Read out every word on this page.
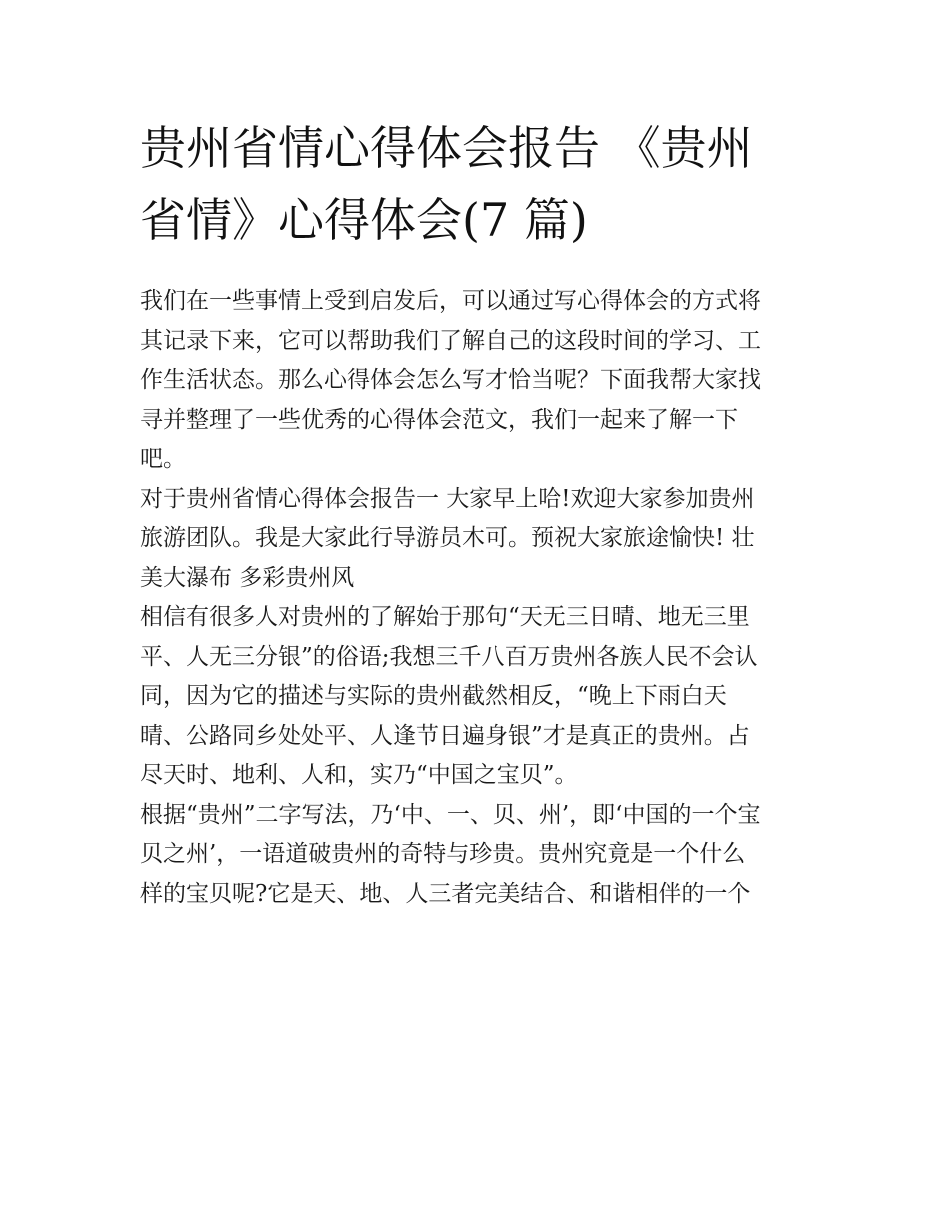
贵州省情心得体会报告 《贵州
省情》心得体会(7 篇)
我们在一些事情上受到启发后，可以通过写心得体会的方式将
其记录下来，它可以帮助我们了解自己的这段时间的学习、工
作生活状态。那么心得体会怎么写才恰当呢？下面我帮大家找
寻并整理了一些优秀的心得体会范文，我们一起来了解一下
吧。
对于贵州省情心得体会报告一 大家早上哈!欢迎大家参加贵州
旅游团队。我是大家此行导游员木可。预祝大家旅途愉快! 壮
美大瀑布 多彩贵州风
相信有很多人对贵州的了解始于那句“天无三日晴、地无三里
平、人无三分银”的俗语;我想三千八百万贵州各族人民不会认
同，因为它的描述与实际的贵州截然相反，“晚上下雨白天
晴、公路同乡处处平、人逢节日遍身银”才是真正的贵州。占
尽天时、地利、人和，实乃“中国之宝贝”。
根据“贵州”二字写法，乃‘中、一、贝、州’，即‘中国的一个宝
贝之州’，一语道破贵州的奇特与珍贵。贵州究竟是一个什么
样的宝贝呢?它是天、地、人三者完美结合、和谐相伴的一个
